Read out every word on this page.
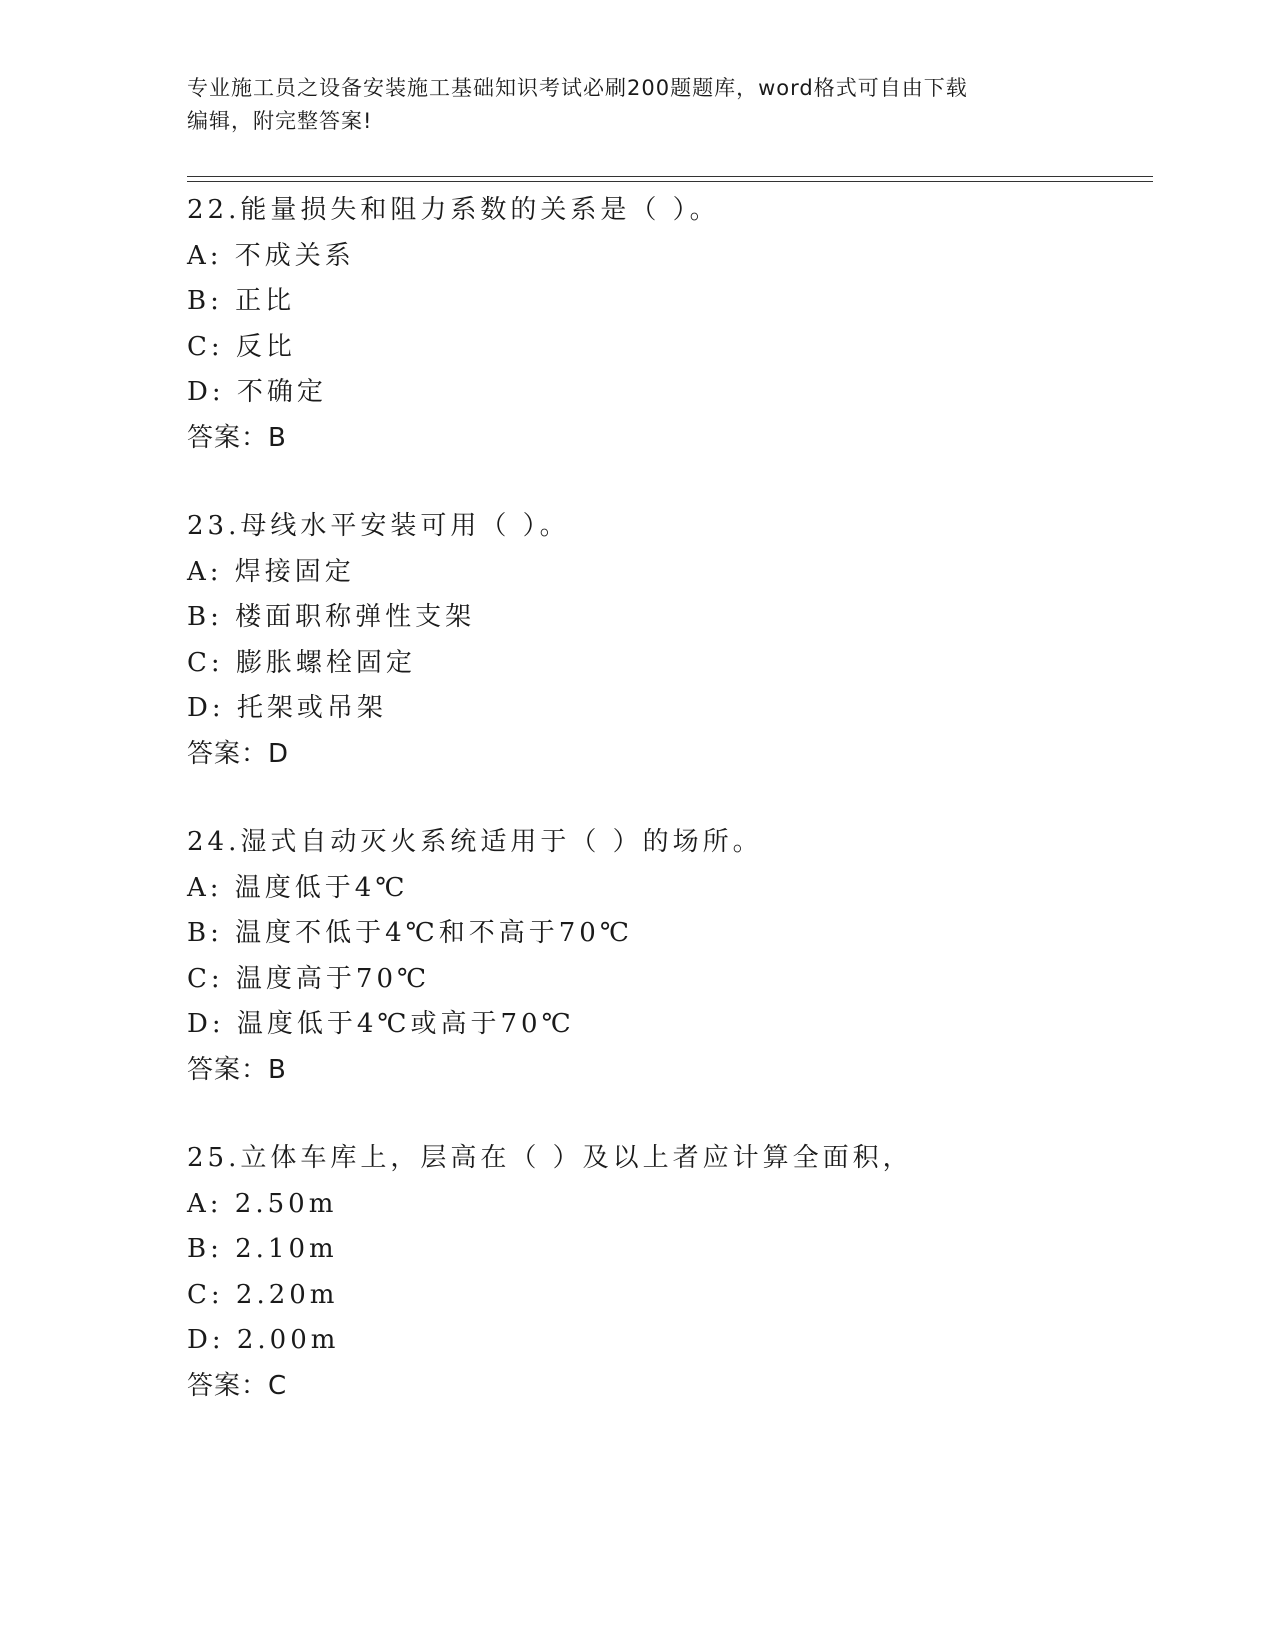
专业施工员之设备安装施工基础知识考试必刷200题题库，word格式可自由下载
编辑，附完整答案!
22.能量损失和阻力系数的关系是（ ）。
A: 不成关系
B: 正比
C: 反比
D: 不确定
答案：B
23.母线水平安装可用（ ）。
A: 焊接固定
B: 楼面职称弹性支架
C: 膨胀螺栓固定
D: 托架或吊架
答案：D
24.湿式自动灭火系统适用于（ ）的场所。
A: 温度低于4℃
B: 温度不低于4℃和不高于70℃
C: 温度高于70℃
D: 温度低于4℃或高于70℃
答案：B
25.立体车库上，层高在（ ）及以上者应计算全面积，
A: 2.50m
B: 2.10m
C: 2.20m
D: 2.00m
答案：C
